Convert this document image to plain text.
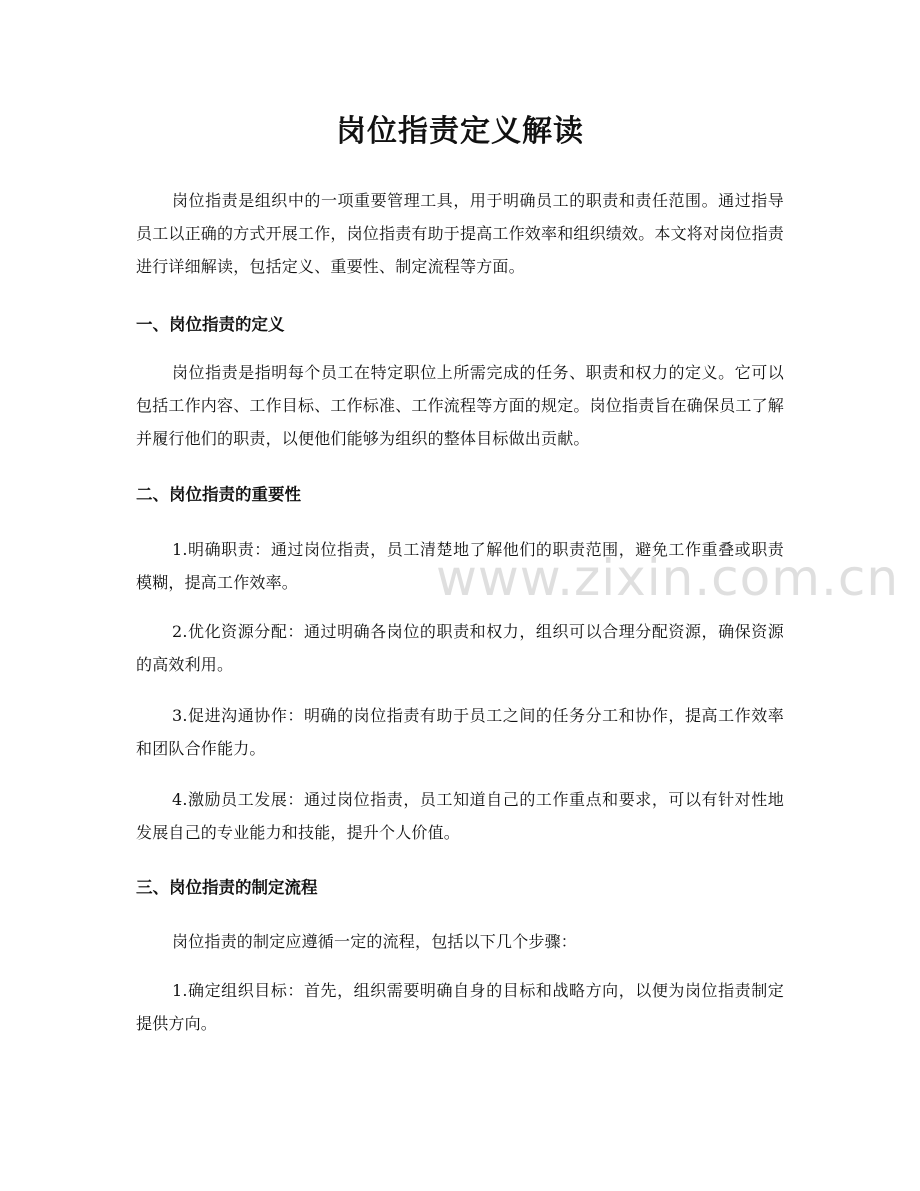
岗位指责定义解读

岗位指责是组织中的一项重要管理工具，用于明确员工的职责和责任范围。通过指导员工以正确的方式开展工作，岗位指责有助于提高工作效率和组织绩效。本文将对岗位指责进行详细解读，包括定义、重要性、制定流程等方面。

一、岗位指责的定义

岗位指责是指明每个员工在特定职位上所需完成的任务、职责和权力的定义。它可以包括工作内容、工作目标、工作标准、工作流程等方面的规定。岗位指责旨在确保员工了解并履行他们的职责，以便他们能够为组织的整体目标做出贡献。

二、岗位指责的重要性

1.明确职责：通过岗位指责，员工清楚地了解他们的职责范围，避免工作重叠或职责模糊，提高工作效率。

2.优化资源分配：通过明确各岗位的职责和权力，组织可以合理分配资源，确保资源的高效利用。

3.促进沟通协作：明确的岗位指责有助于员工之间的任务分工和协作，提高工作效率和团队合作能力。

4.激励员工发展：通过岗位指责，员工知道自己的工作重点和要求，可以有针对性地发展自己的专业能力和技能，提升个人价值。

三、岗位指责的制定流程

岗位指责的制定应遵循一定的流程，包括以下几个步骤：

1.确定组织目标：首先，组织需要明确自身的目标和战略方向，以便为岗位指责制定提供方向。

www.zixin.com.cn
